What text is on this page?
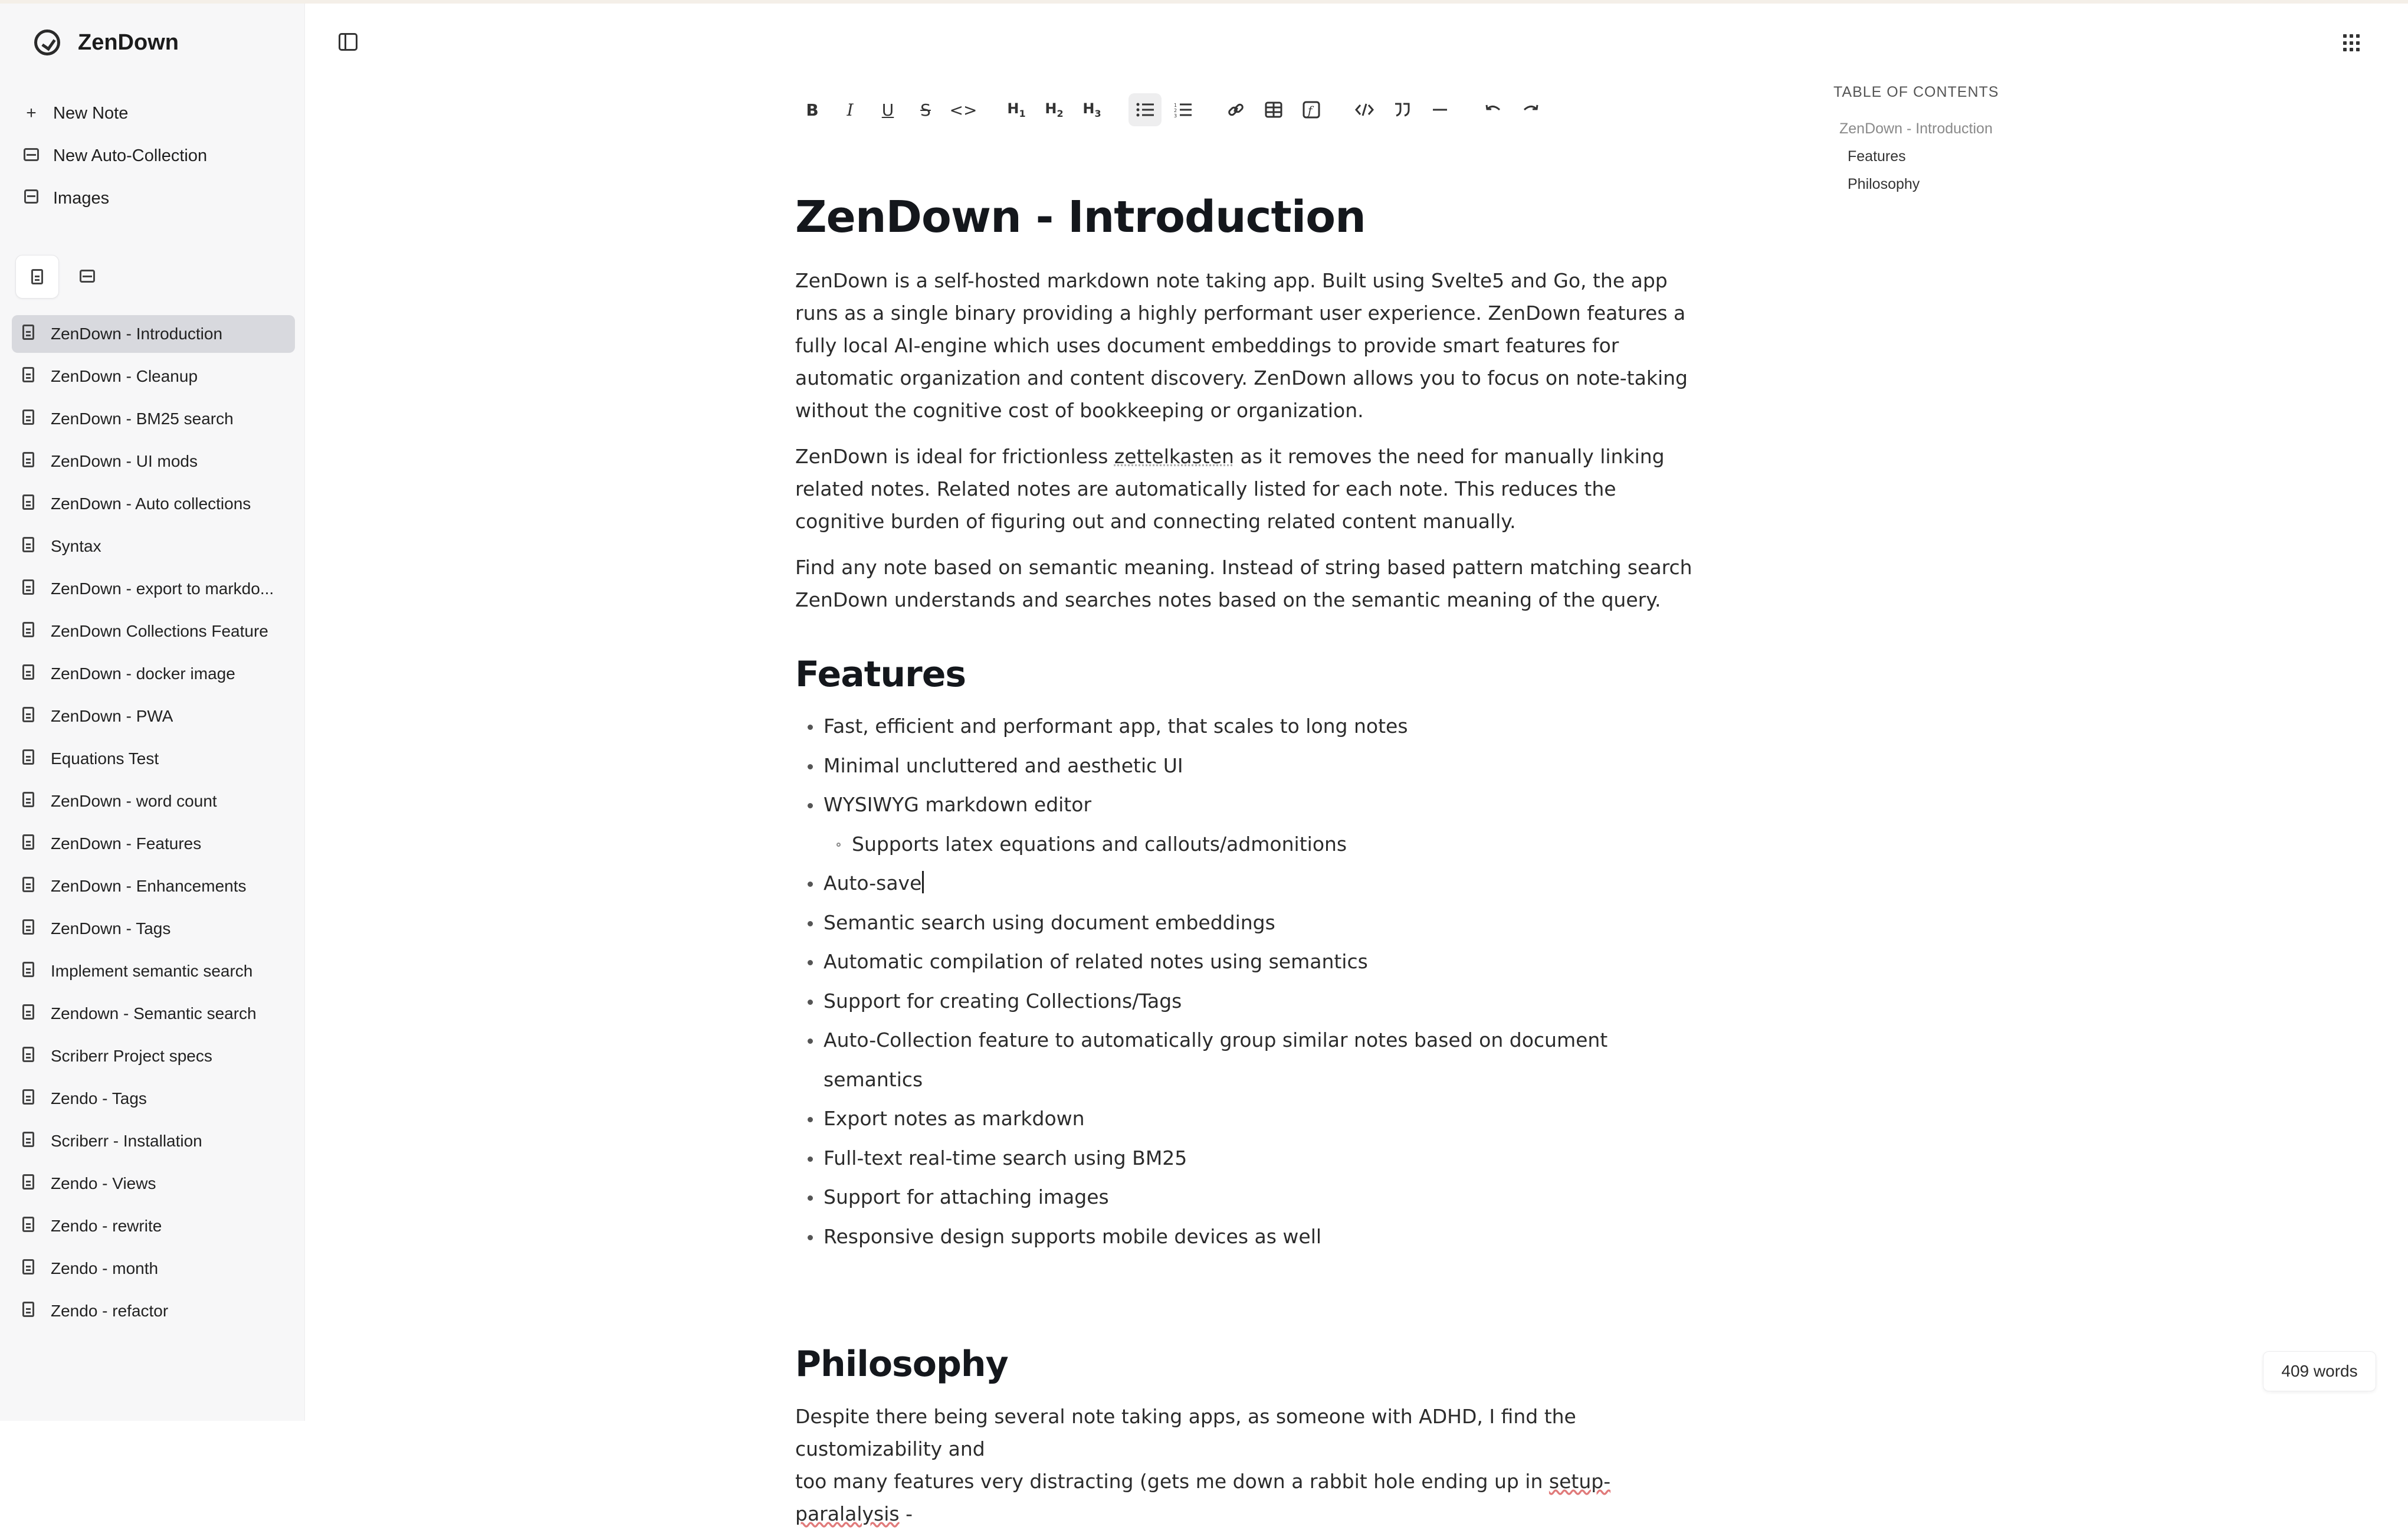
ZenDown
+ New Note
New Auto-Collection
Images
ZenDown - Introduction
ZenDown - Cleanup
ZenDown - BM25 search
ZenDown - UI mods
ZenDown - Auto collections
Syntax
ZenDown - export to markdo...
ZenDown Collections Feature
ZenDown - docker image
ZenDown - PWA
Equations Test
ZenDown - word count
ZenDown - Features
ZenDown - Enhancements
ZenDown - Tags
Implement semantic search
Zendown - Semantic search
Scriberr Project specs
Zendo - Tags
Scriberr - Installation
Zendo - Views
Zendo - rewrite
Zendo - month
Zendo - refactor
B I U $S <> H_1$ $H_2$ $H_3$
1
2
3	f
ZenDown - Introduction

ZenDown is a self-hosted markdown note taking app. Built using Svelte5 and Go, the app runs as a single binary providing a highly performant user experience. ZenDown features a fully local AI-engine which uses document embeddings to provide smart features for automatic organization and content discovery. ZenDown allows you to focus on note-taking without the cognitive cost of bookkeeping or organization.

ZenDown is ideal for frictionless zettelkasten as it removes the need for manually linking related notes. Related notes are automatically listed for each note. This reduces the cognitive burden of figuring out and connecting related content manually.

Find any note based on semantic meaning. Instead of string based pattern matching search ZenDown understands and searches notes based on the semantic meaning of the query.

Features
Fast, efficient and performant app, that scales to long notes
Minimal uncluttered and aesthetic UI
WYSIWYG markdown editor
Supports latex equations and callouts/admonitions
Auto-save
Semantic search using document embeddings
Automatic compilation of related notes using semantics
Support for creating Collections/Tags
Auto-Collection feature to automatically group similar notes based on document semantics
Export notes as markdown
Full-text real-time search using BM25
Support for attaching images
Responsive design supports mobile devices as well
Philosophy

Despite there being several note taking apps, as someone with ADHD, I find the customizability and
too many features very distracting (gets me down a rabbit hole ending up in setup-paralalysis -

TABLE OF CONTENTS
ZenDown - Introduction
Features
Philosophy
409 words
